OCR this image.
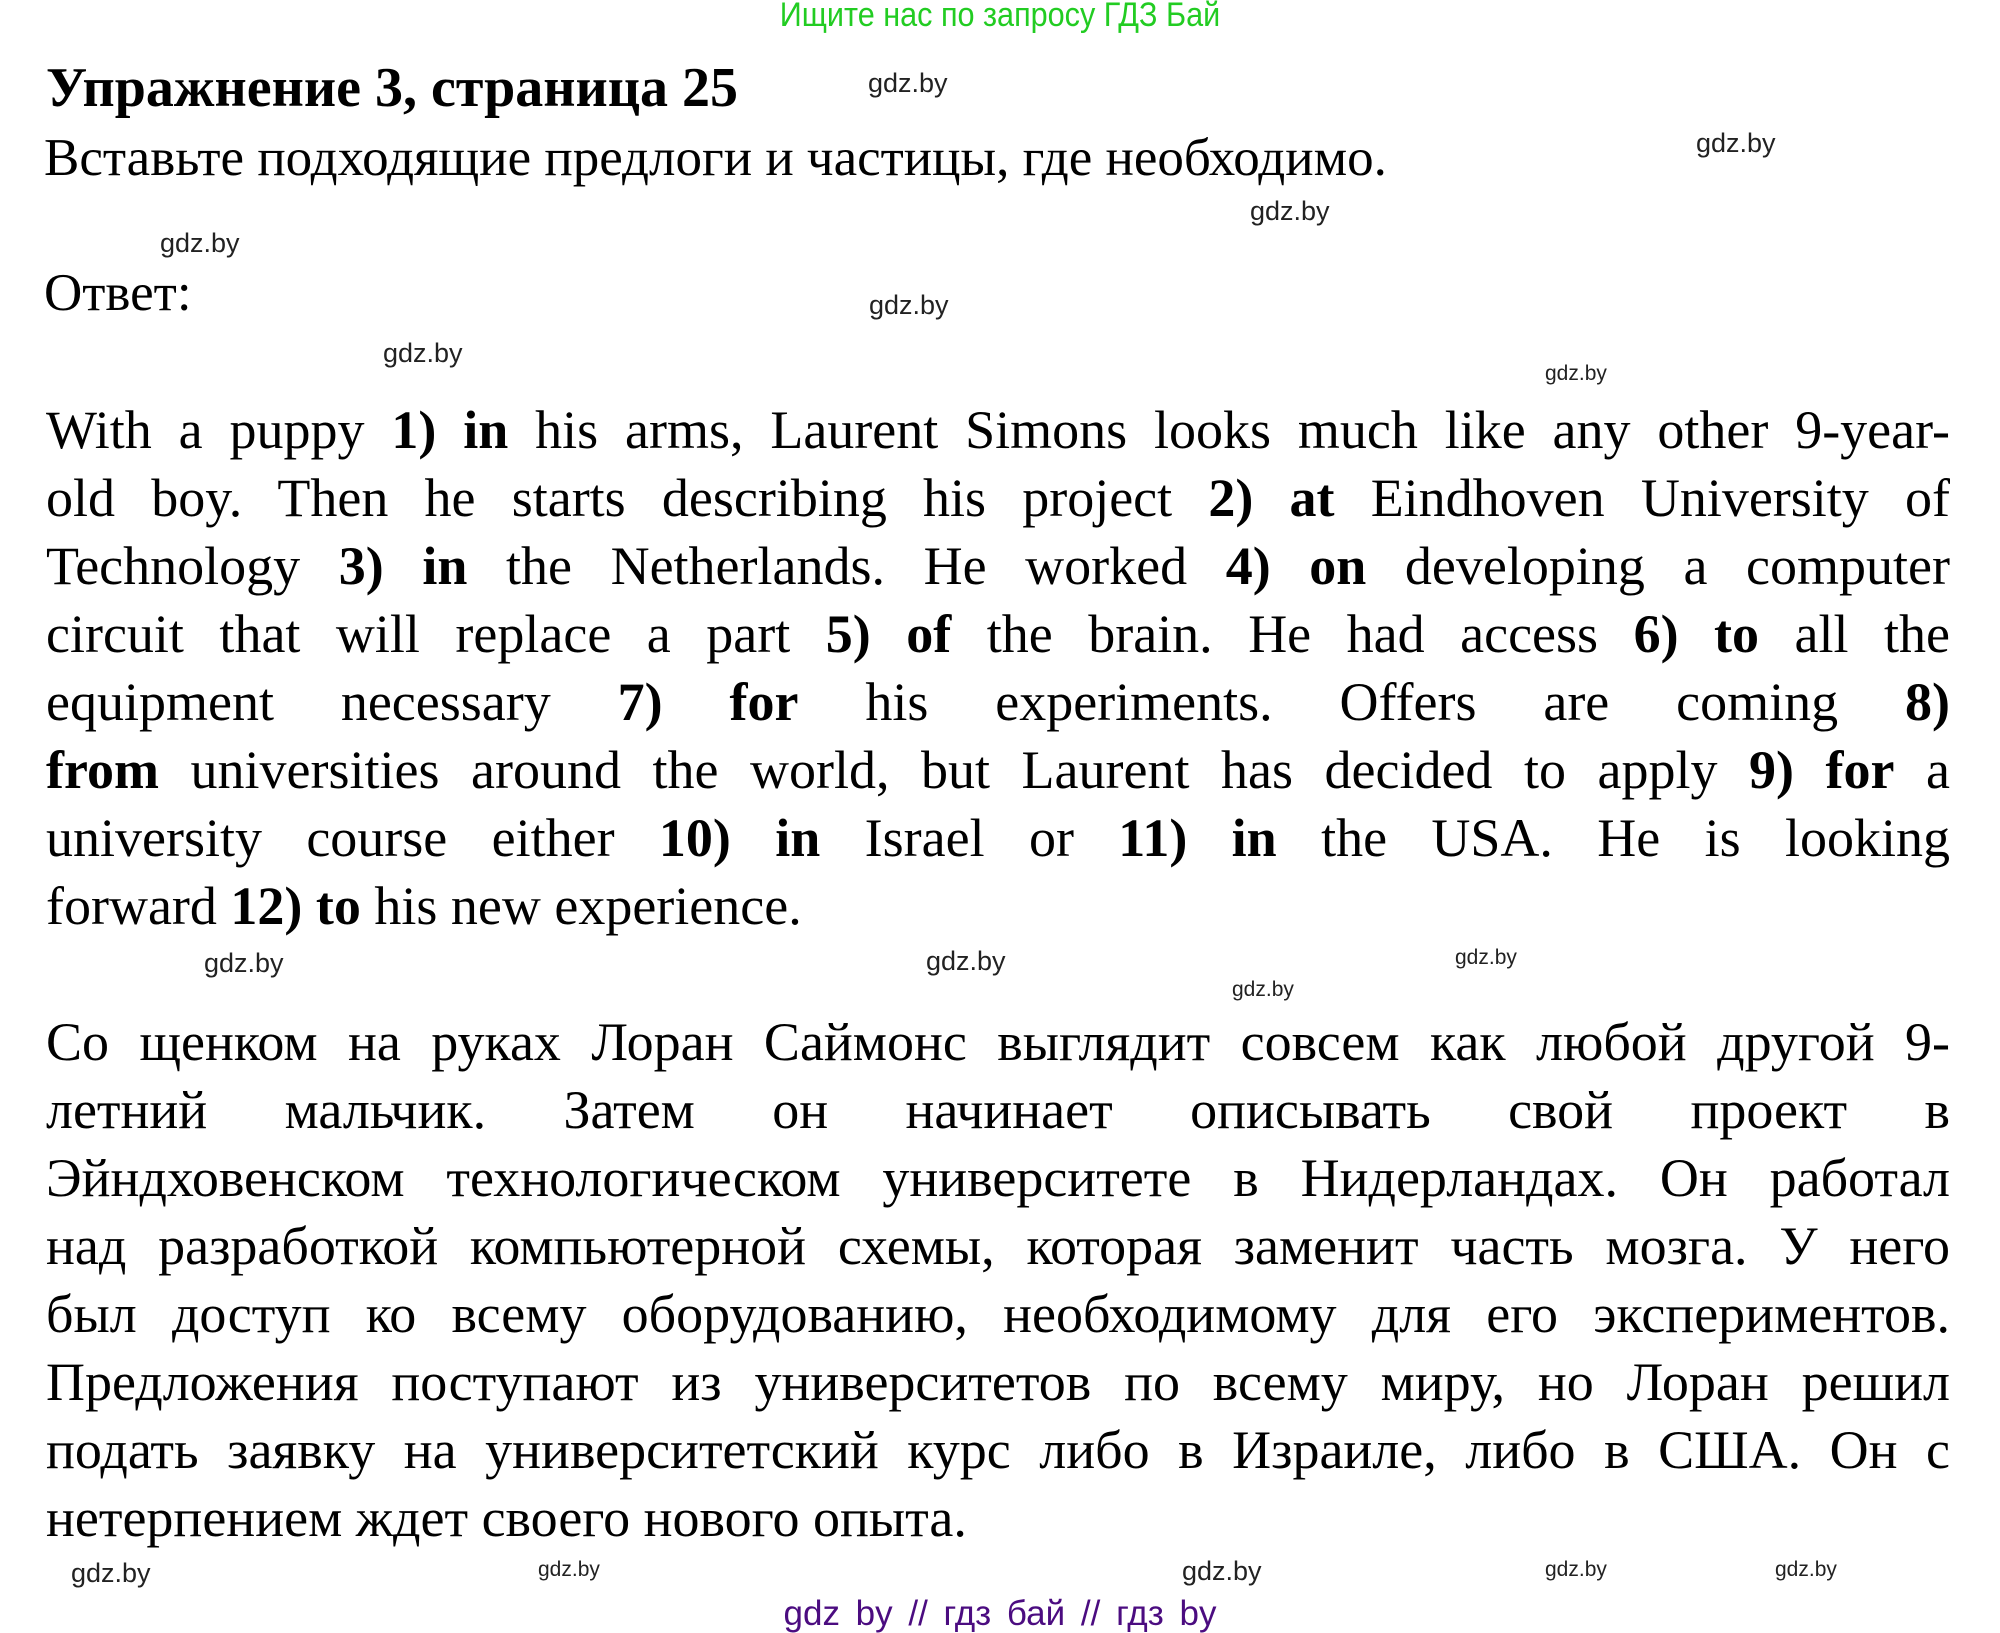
Ищите нас по запросу ГДЗ Бай
Упражнение 3, страница 25
Вставьте подходящие предлоги и частицы, где необходимо.
Ответ:
With a puppy 1) in his arms, Laurent Simons looks much like any other 9-year-
old boy. Then he starts describing his project 2) at Eindhoven University of
Technology 3) in the Netherlands. He worked 4) on developing a computer
circuit that will replace a part 5) of the brain. He had access 6) to all the
equipment necessary 7) for his experiments. Offers are coming 8)
from universities around the world, but Laurent has decided to apply 9) for a
university course either 10) in Israel or 11) in the USA. He is looking
forward 12) to his new experience.
Со щенком на руках Лоран Саймонс выглядит совсем как любой другой 9-
летний мальчик. Затем он начинает описывать свой проект в
Эйндховенском технологическом университете в Нидерландах. Он работал
над разработкой компьютерной схемы, которая заменит часть мозга. У него
был доступ ко всему оборудованию, необходимому для его экспериментов.
Предложения поступают из университетов по всему миру, но Лоран решил
подать заявку на университетский курс либо в Израиле, либо в США. Он с
нетерпением ждет своего нового опыта.
gdz.by
gdz.by
gdz.by
gdz.by
gdz.by
gdz.by
gdz.by
gdz.by
gdz.by
gdz.by
gdz.by
gdz.by
gdz.by
gdz.by	gdz.by
gdz.by
gdz by // гдз бай // гдз by
